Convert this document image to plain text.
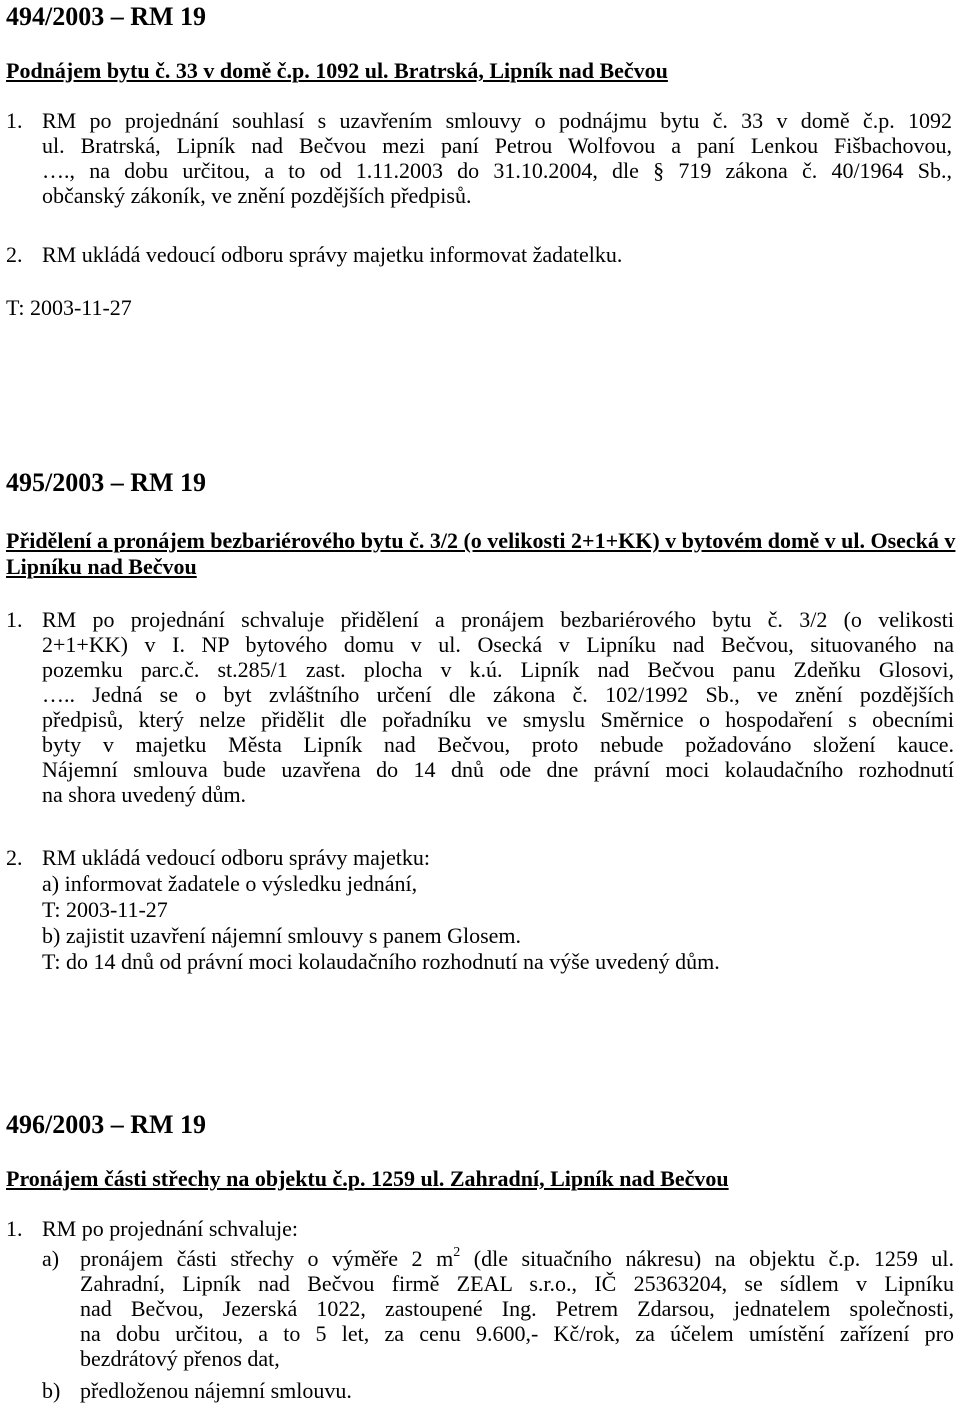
494/2003 – RM 19
Podnájem bytu č. 33 v domě č.p. 1092 ul. Bratrská, Lipník nad Bečvou
1. RM po projednání souhlasí s uzavřením smlouvy o podnájmu bytu č. 33 v domě č.p. 1092
ul. Bratrská, Lipník nad Bečvou mezi paní Petrou Wolfovou a paní Lenkou Fišbachovou,
…., na dobu určitou, a to od 1.11.2003 do 31.10.2004, dle § 719 zákona č. 40/1964 Sb.,
občanský zákoník, ve znění pozdějších předpisů.
2. RM ukládá vedoucí odboru správy majetku informovat žadatelku.
T: 2003-11-27
495/2003 – RM 19
Přidělení a pronájem bezbariérového bytu č. 3/2 (o velikosti 2+1+KK) v bytovém domě v ul. Osecká v Lipníku nad Bečvou
1. RM po projednání schvaluje přidělení a pronájem bezbariérového bytu č. 3/2 (o velikosti
2+1+KK) v I. NP bytového domu v ul. Osecká v Lipníku nad Bečvou, situovaného na
pozemku parc.č. st.285/1 zast. plocha v k.ú. Lipník nad Bečvou panu Zdeňku Glosovi,
….. Jedná se o byt zvláštního určení dle zákona č. 102/1992 Sb., ve znění pozdějších
předpisů, který nelze přidělit dle pořadníku ve smyslu Směrnice o hospodaření s obecními
byty v majetku Města Lipník nad Bečvou, proto nebude požadováno složení kauce.
Nájemní smlouva bude uzavřena do 14 dnů ode dne právní moci kolaudačního rozhodnutí
na shora uvedený dům.
2. RM ukládá vedoucí odboru správy majetku:
a) informovat žadatele o výsledku jednání,
T: 2003-11-27
b) zajistit uzavření nájemní smlouvy s panem Glosem.
T: do 14 dnů od právní moci kolaudačního rozhodnutí na výše uvedený dům.
496/2003 – RM 19
Pronájem části střechy na objektu č.p. 1259 ul. Zahradní, Lipník nad Bečvou
1. RM po projednání schvaluje:
a) pronájem části střechy o výměře 2 $m^2$ (dle situačního nákresu) na objektu č.p. 1259 ul.
Zahradní, Lipník nad Bečvou firmě ZEAL s.r.o., IČ 25363204, se sídlem v Lipníku
nad Bečvou, Jezerská 1022, zastoupené Ing. Petrem Zdarsou, jednatelem společnosti,
na dobu určitou, a to 5 let, za cenu 9.600,- Kč/rok, za účelem umístění zařízení pro
bezdrátový přenos dat,
b) předloženou nájemní smlouvu.
